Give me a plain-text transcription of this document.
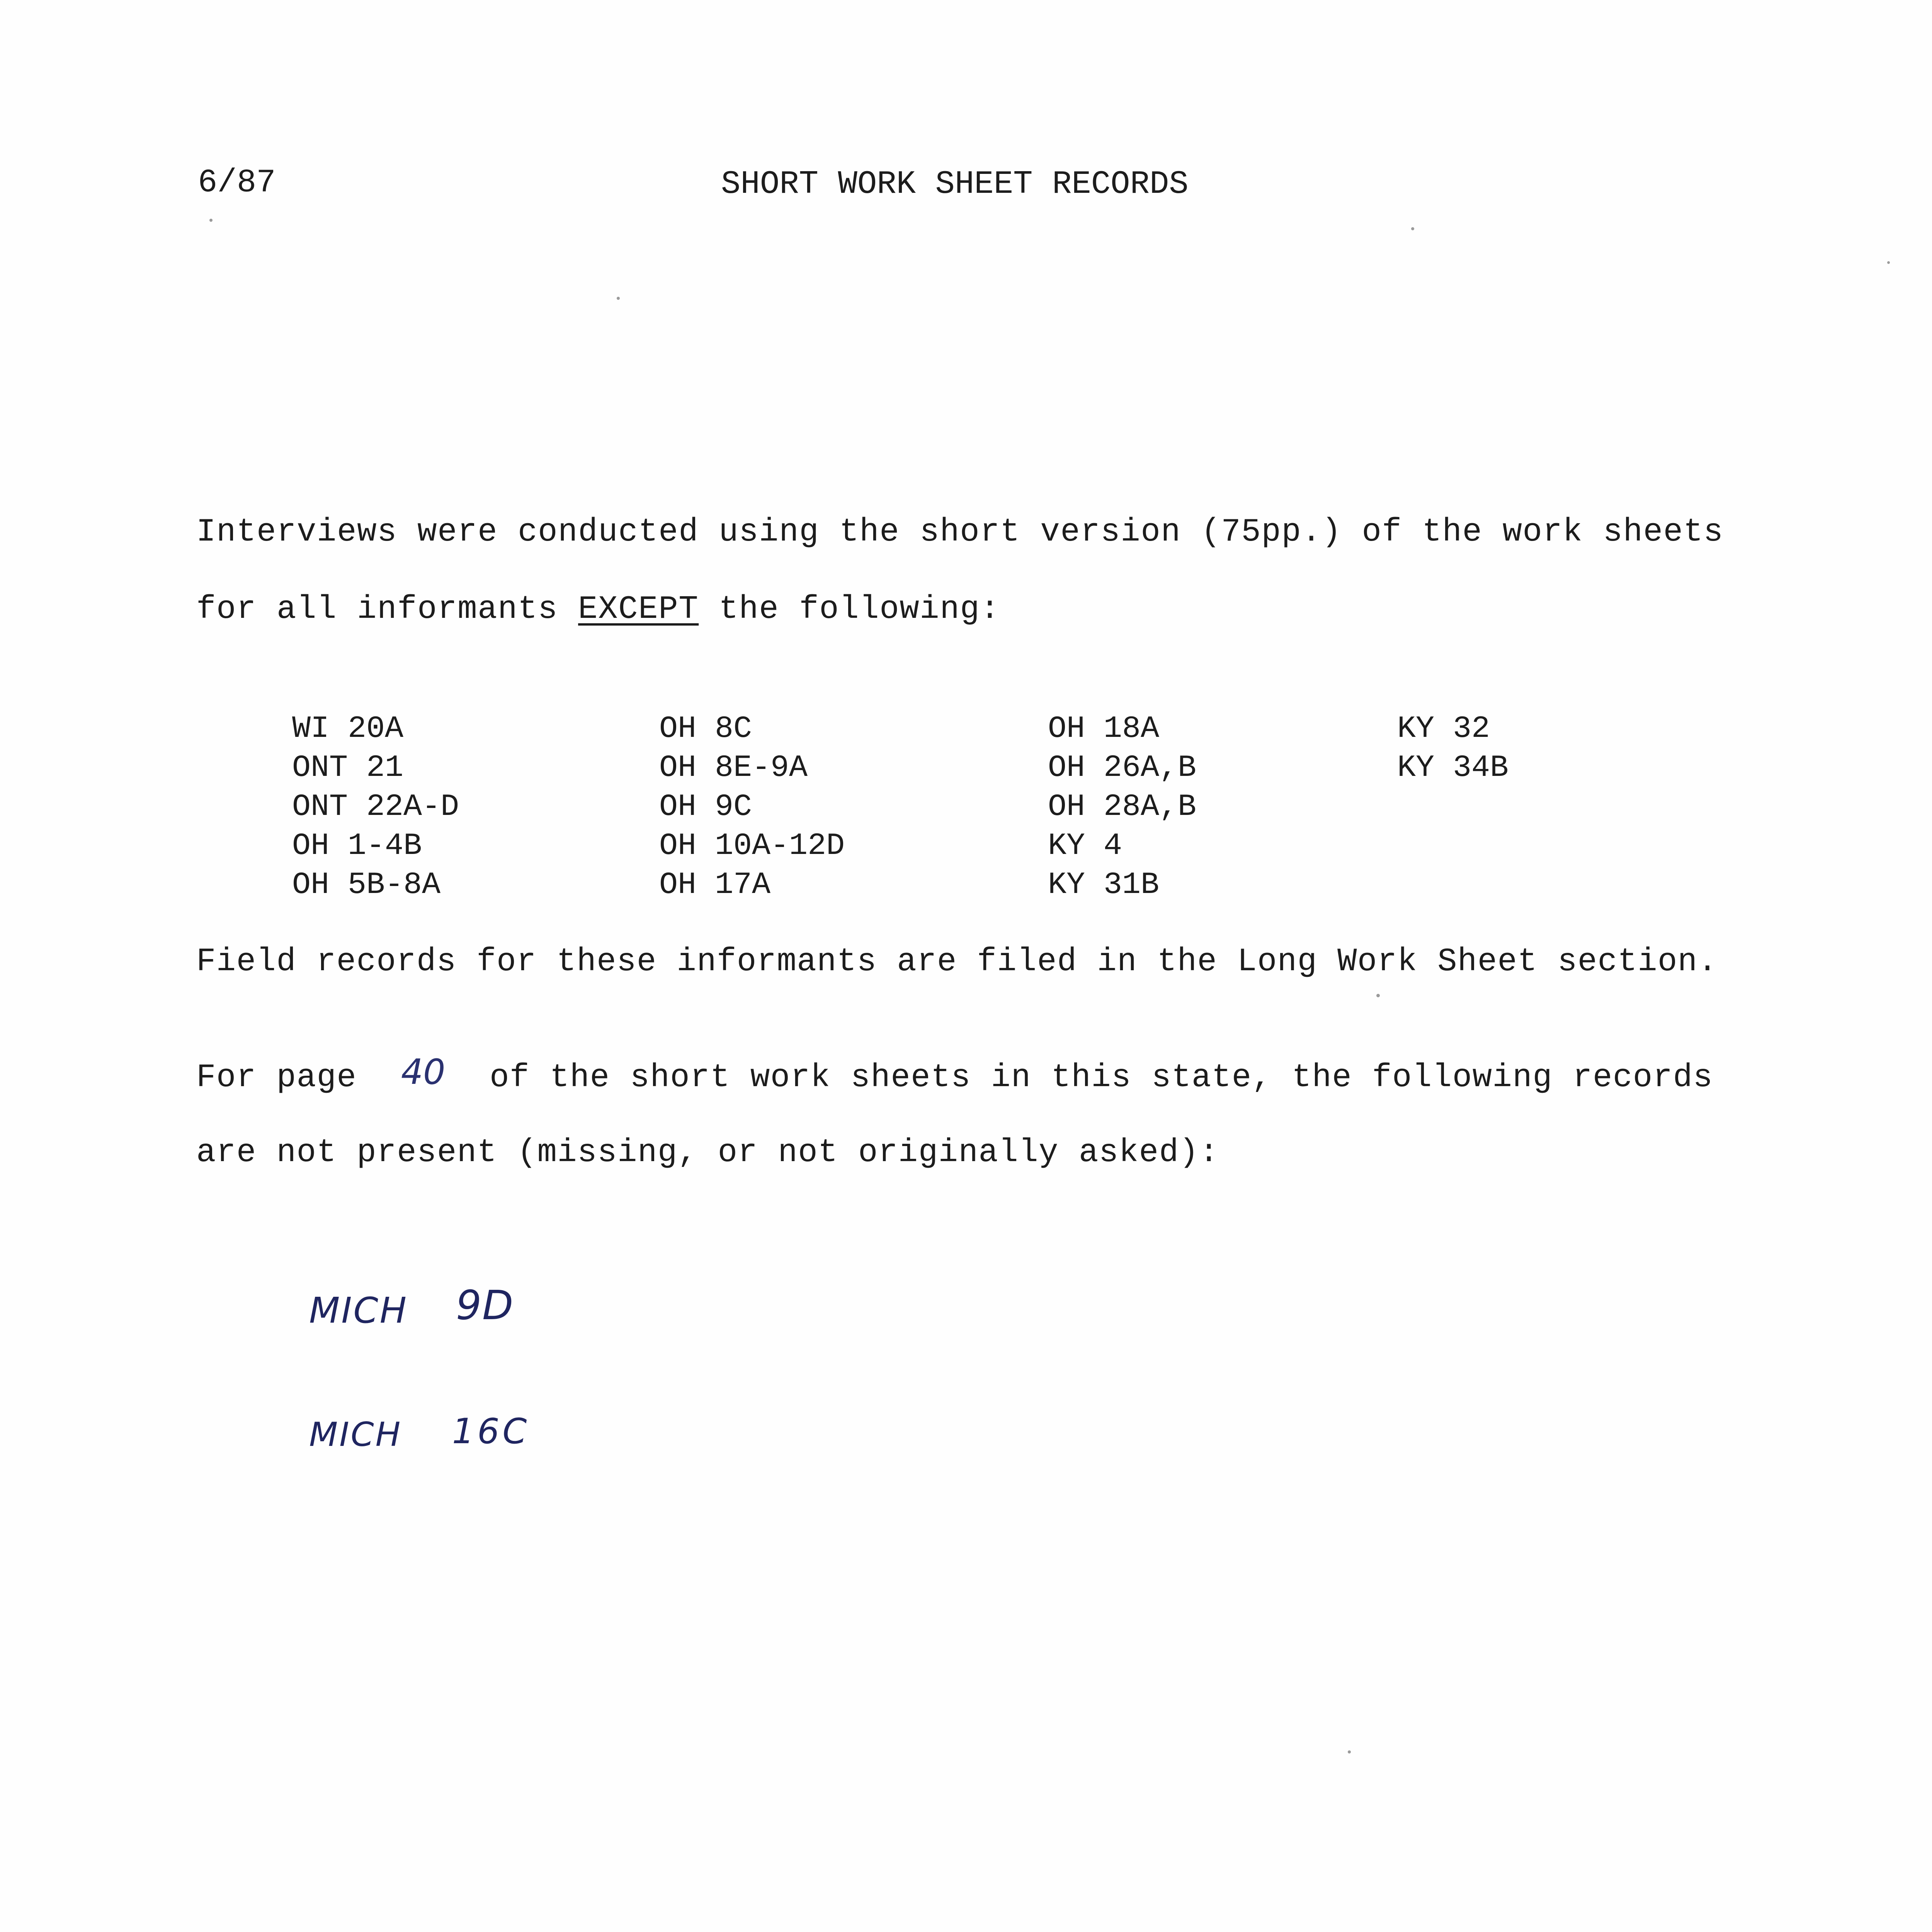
6/87	SHORT WORK SHEET RECORDS
Interviews were conducted using the short version (75pp.) of the work sheets
for all informants EXCEPT the following:
WI 20A
ONT 21
ONT 22A-D
OH 1-4B
OH 5B-8A
OH 8C
OH 8E-9A
OH 9C
OH 10A-12D
OH 17A
OH 18A
OH 26A,B
OH 28A,B
KY 4
KY 31B
KY 32
KY 34B
Field records for these informants are filed in the Long Work Sheet section.
For page 40 of the short work sheets in this state, the following records
are not present (missing, or not originally asked):
MICH 9D
MICH 16C
